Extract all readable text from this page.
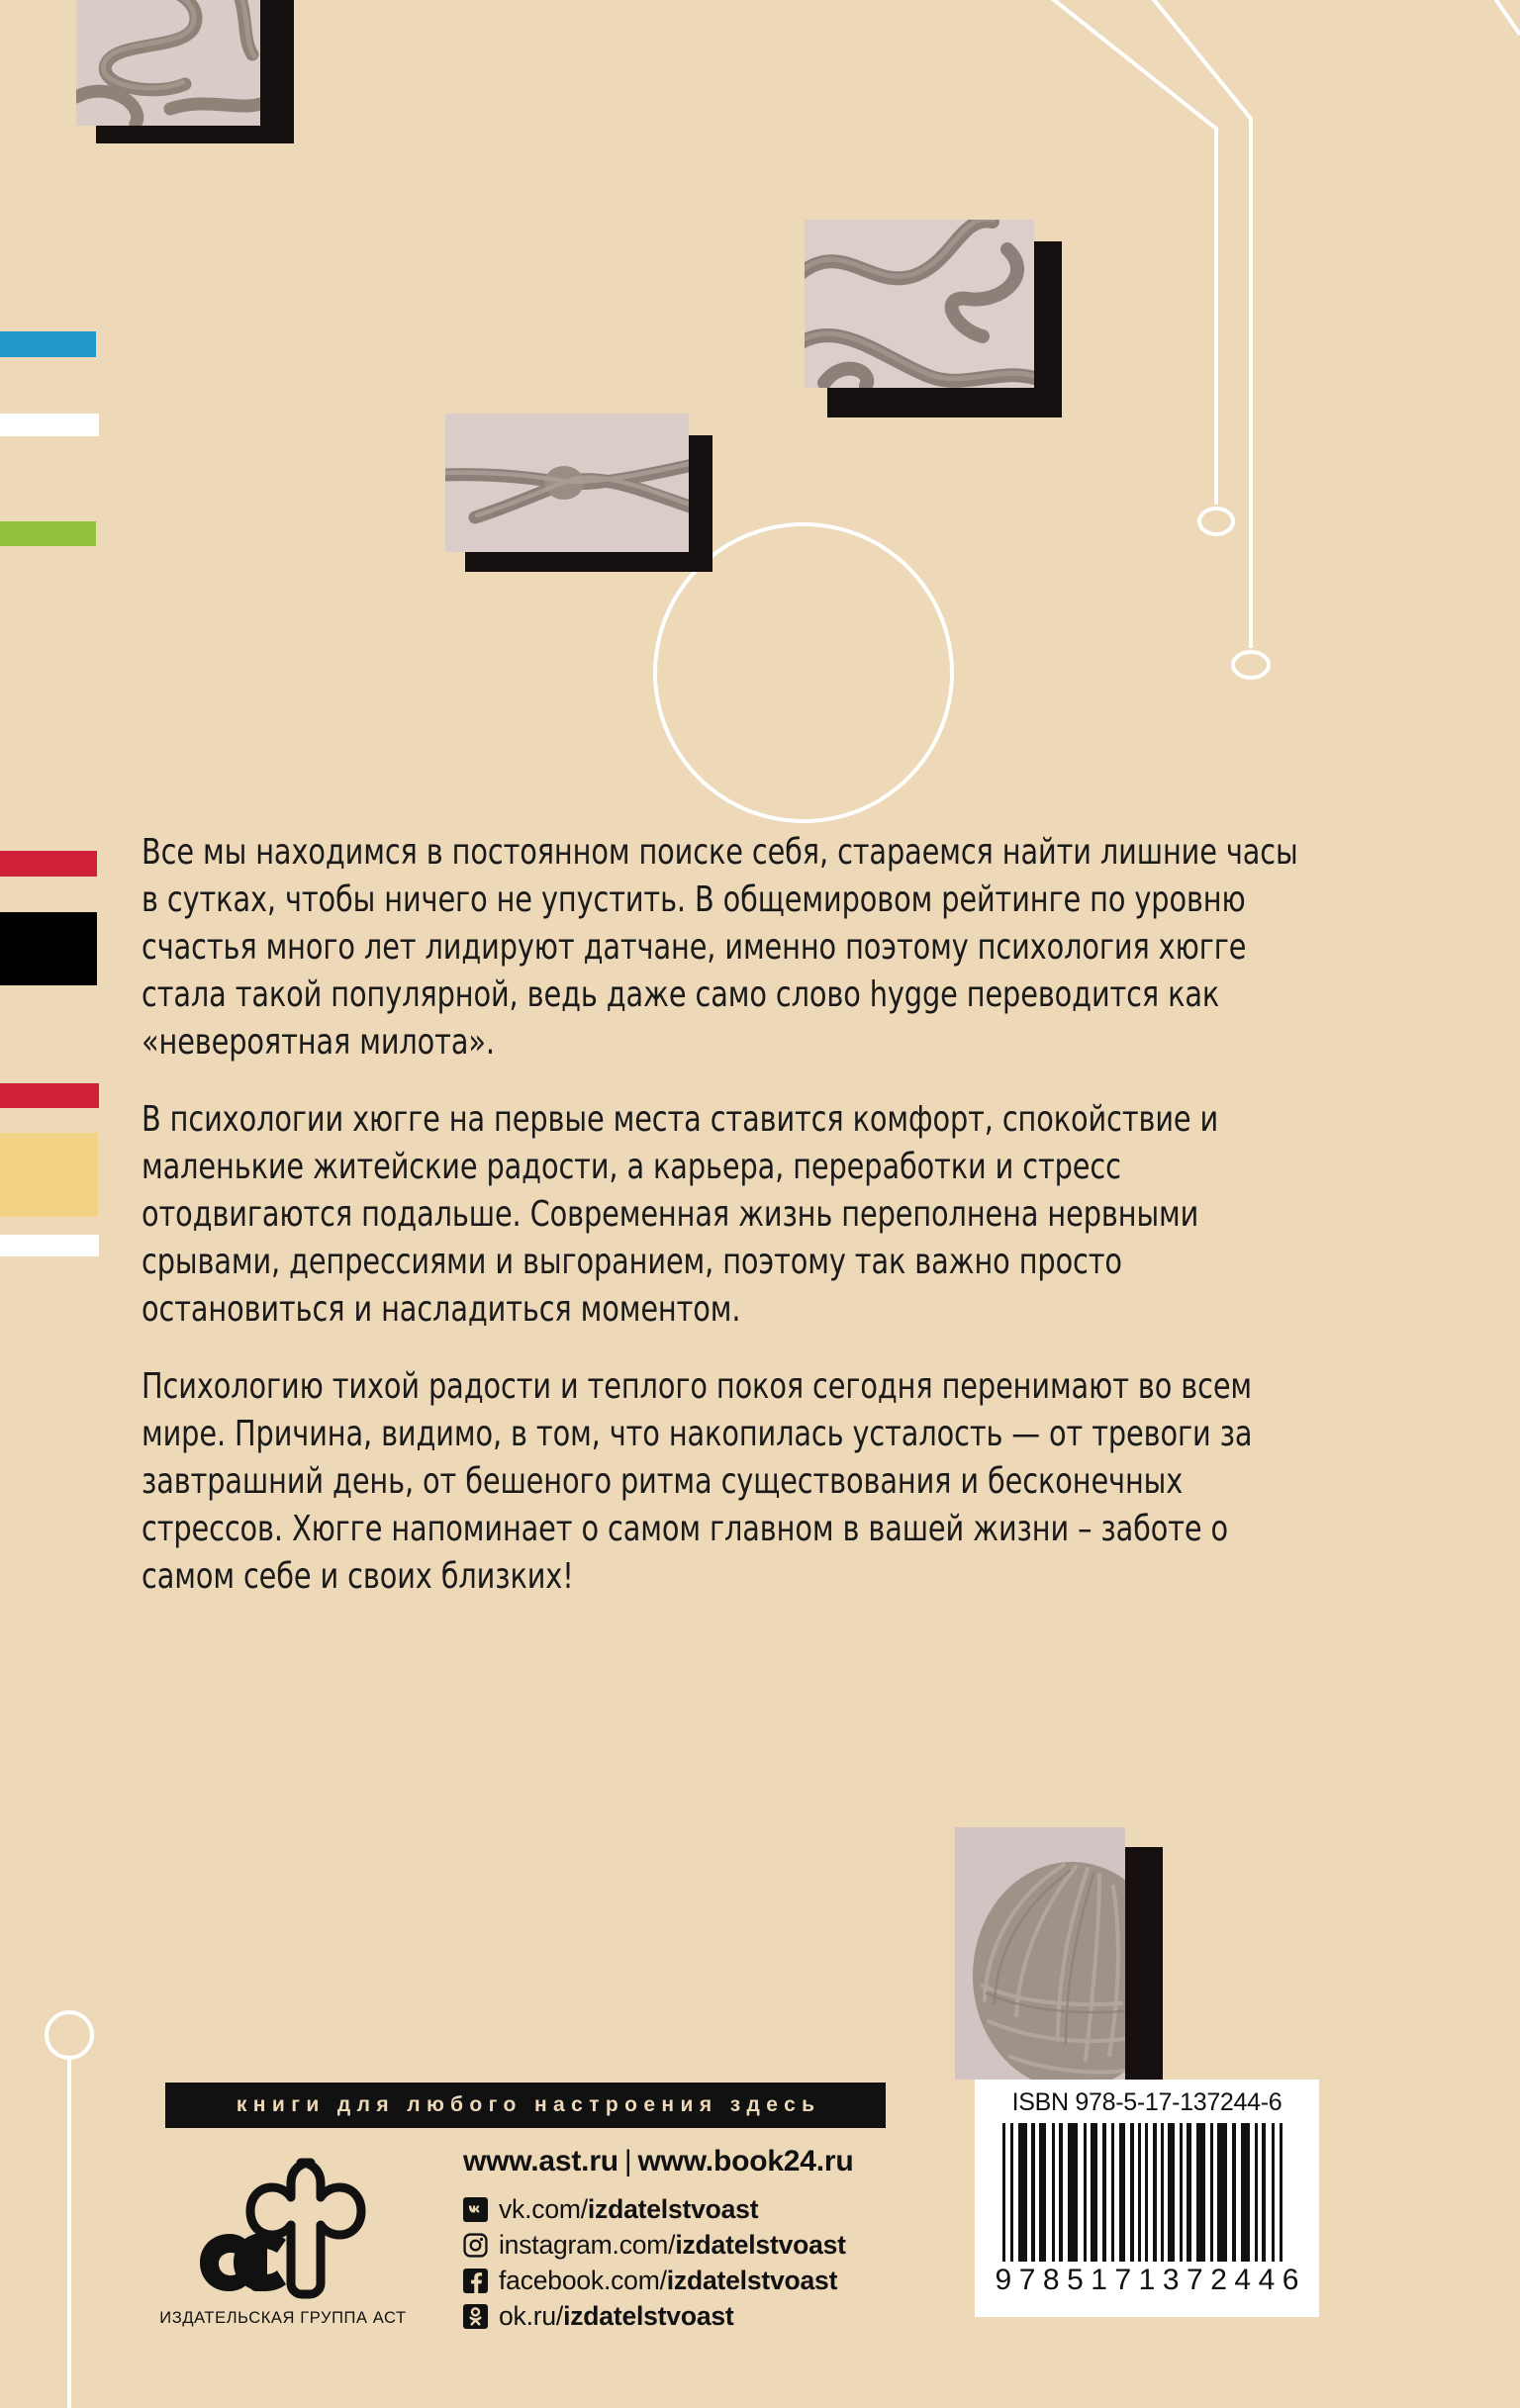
Все мы находимся в постоянном поиске себя, стараемся найти лишние часы в сутках, чтобы ничего не упустить. В общемировом рейтинге по уровню счастья много лет лидируют датчане, именно поэтому психология хюгге стала такой популярной, ведь даже само слово hygge переводится как «невероятная милота».

В психологии хюгге на первые места ставится комфорт, спокойствие и маленькие житейские радости, а карьера, переработки и стресс отодвигаются подальше. Современная жизнь переполнена нервными срывами, депрессиями и выгоранием, поэтому так важно просто остановиться и насладиться моментом.

Психологию тихой радости и теплого покоя сегодня перенимают во всем мире. Причина, видимо, в том, что накопилась усталость — от тревоги за завтрашний день, от бешеного ритма существования и бесконечных стрессов. Хюгге напоминает о самом главном в вашей жизни – заботе о самом себе и своих близких!

книги для любого настроения здесь
ИЗДАТЕЛЬСКАЯ ГРУППА АСТ
www.ast.ru | www.book24.ru
vk.com/izdatelstvoast
instagram.com/izdatelstvoast
facebook.com/izdatelstvoast
ok.ru/izdatelstvoast
ISBN 978-5-17-137244-6
9 7 8 5 1 7 1 3 7 2 4 4 6
